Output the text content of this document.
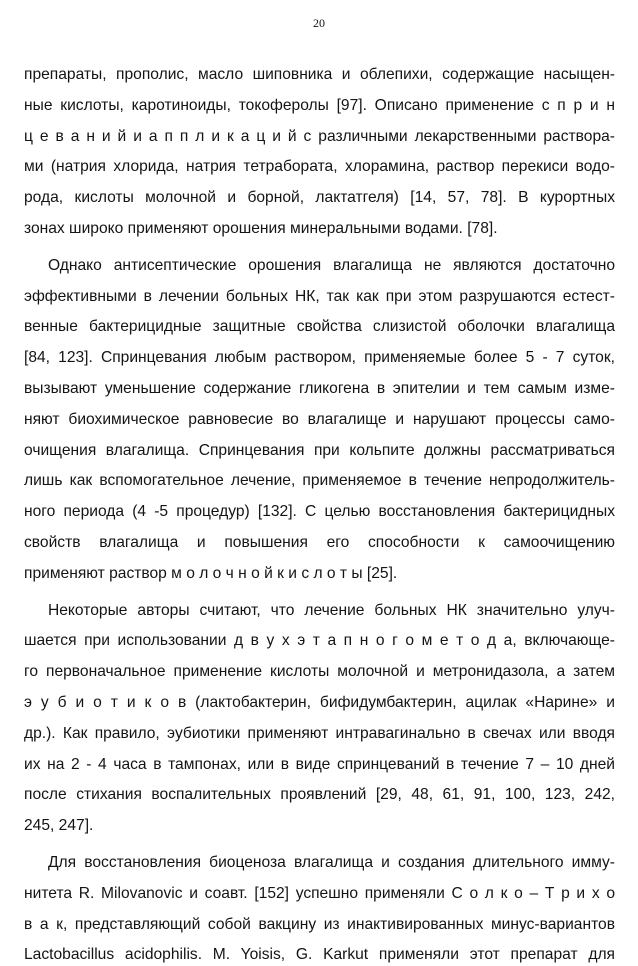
20
препараты, прополис, масло шиповника и облепихи, содержащие насыщен-
ные кислоты, каротиноиды, токоферолы [97]. Описано применение с п р и н
ц е в а н и й и а п п л и к а ц и й с различными лекарственными раствора-
ми (натрия хлорида, натрия тетрабората, хлорамина, раствор перекиси водо-
рода, кислоты молочной и борной, лактатгеля) [14, 57, 78]. В курортных
зонах широко применяют орошения минеральными водами. [78].
Однако антисептические орошения влагалища не являются достаточно
эффективными в лечении больных НК, так как при этом разрушаются естест-
венные бактерицидные защитные свойства слизистой оболочки влагалища
[84, 123]. Спринцевания любым раствором, применяемые более 5 - 7 суток,
вызывают уменьшение содержание гликогена в эпителии и тем самым изме-
няют биохимическое равновесие во влагалище и нарушают процессы само-
очищения влагалища. Спринцевания при кольпите должны рассматриваться
лишь как вспомогательное лечение, применяемое в течение непродолжитель-
ного периода (4 -5 процедур) [132]. С целью восстановления бактерицидных
свойств влагалища и повышения его способности к самоочищению
применяют раствор м о л о ч н о й к и с л о т ы [25].
Некоторые авторы считают, что лечение больных НК значительно улуч-
шается при использовании д в у х э т а п н о г о м е т о д а, включающе-
го первоначальное применение кислоты молочной и метронидазола, а затем
э у б и о т и к о в (лактобактерин, бифидумбактерин, ацилак «Нарине» и
др.). Как правило, эубиотики применяют интравагинально в свечах или вводя
их на 2 - 4 часа в тампонах, или в виде спринцеваний в течение 7 – 10 дней
после стихания воспалительных проявлений [29, 48, 61, 91, 100, 123, 242,
245, 247].
Для восстановления биоценоза влагалища и создания длительного имму-
нитета R. Milovanovic и соавт. [152] успешно применяли С о л к о – Т р и х о
в а к, представляющий собой вакцину из инактивированных минус-вариантов
Lactobacillus acidophilis. M. Yoisis, G. Karkut применяли этот препарат для
